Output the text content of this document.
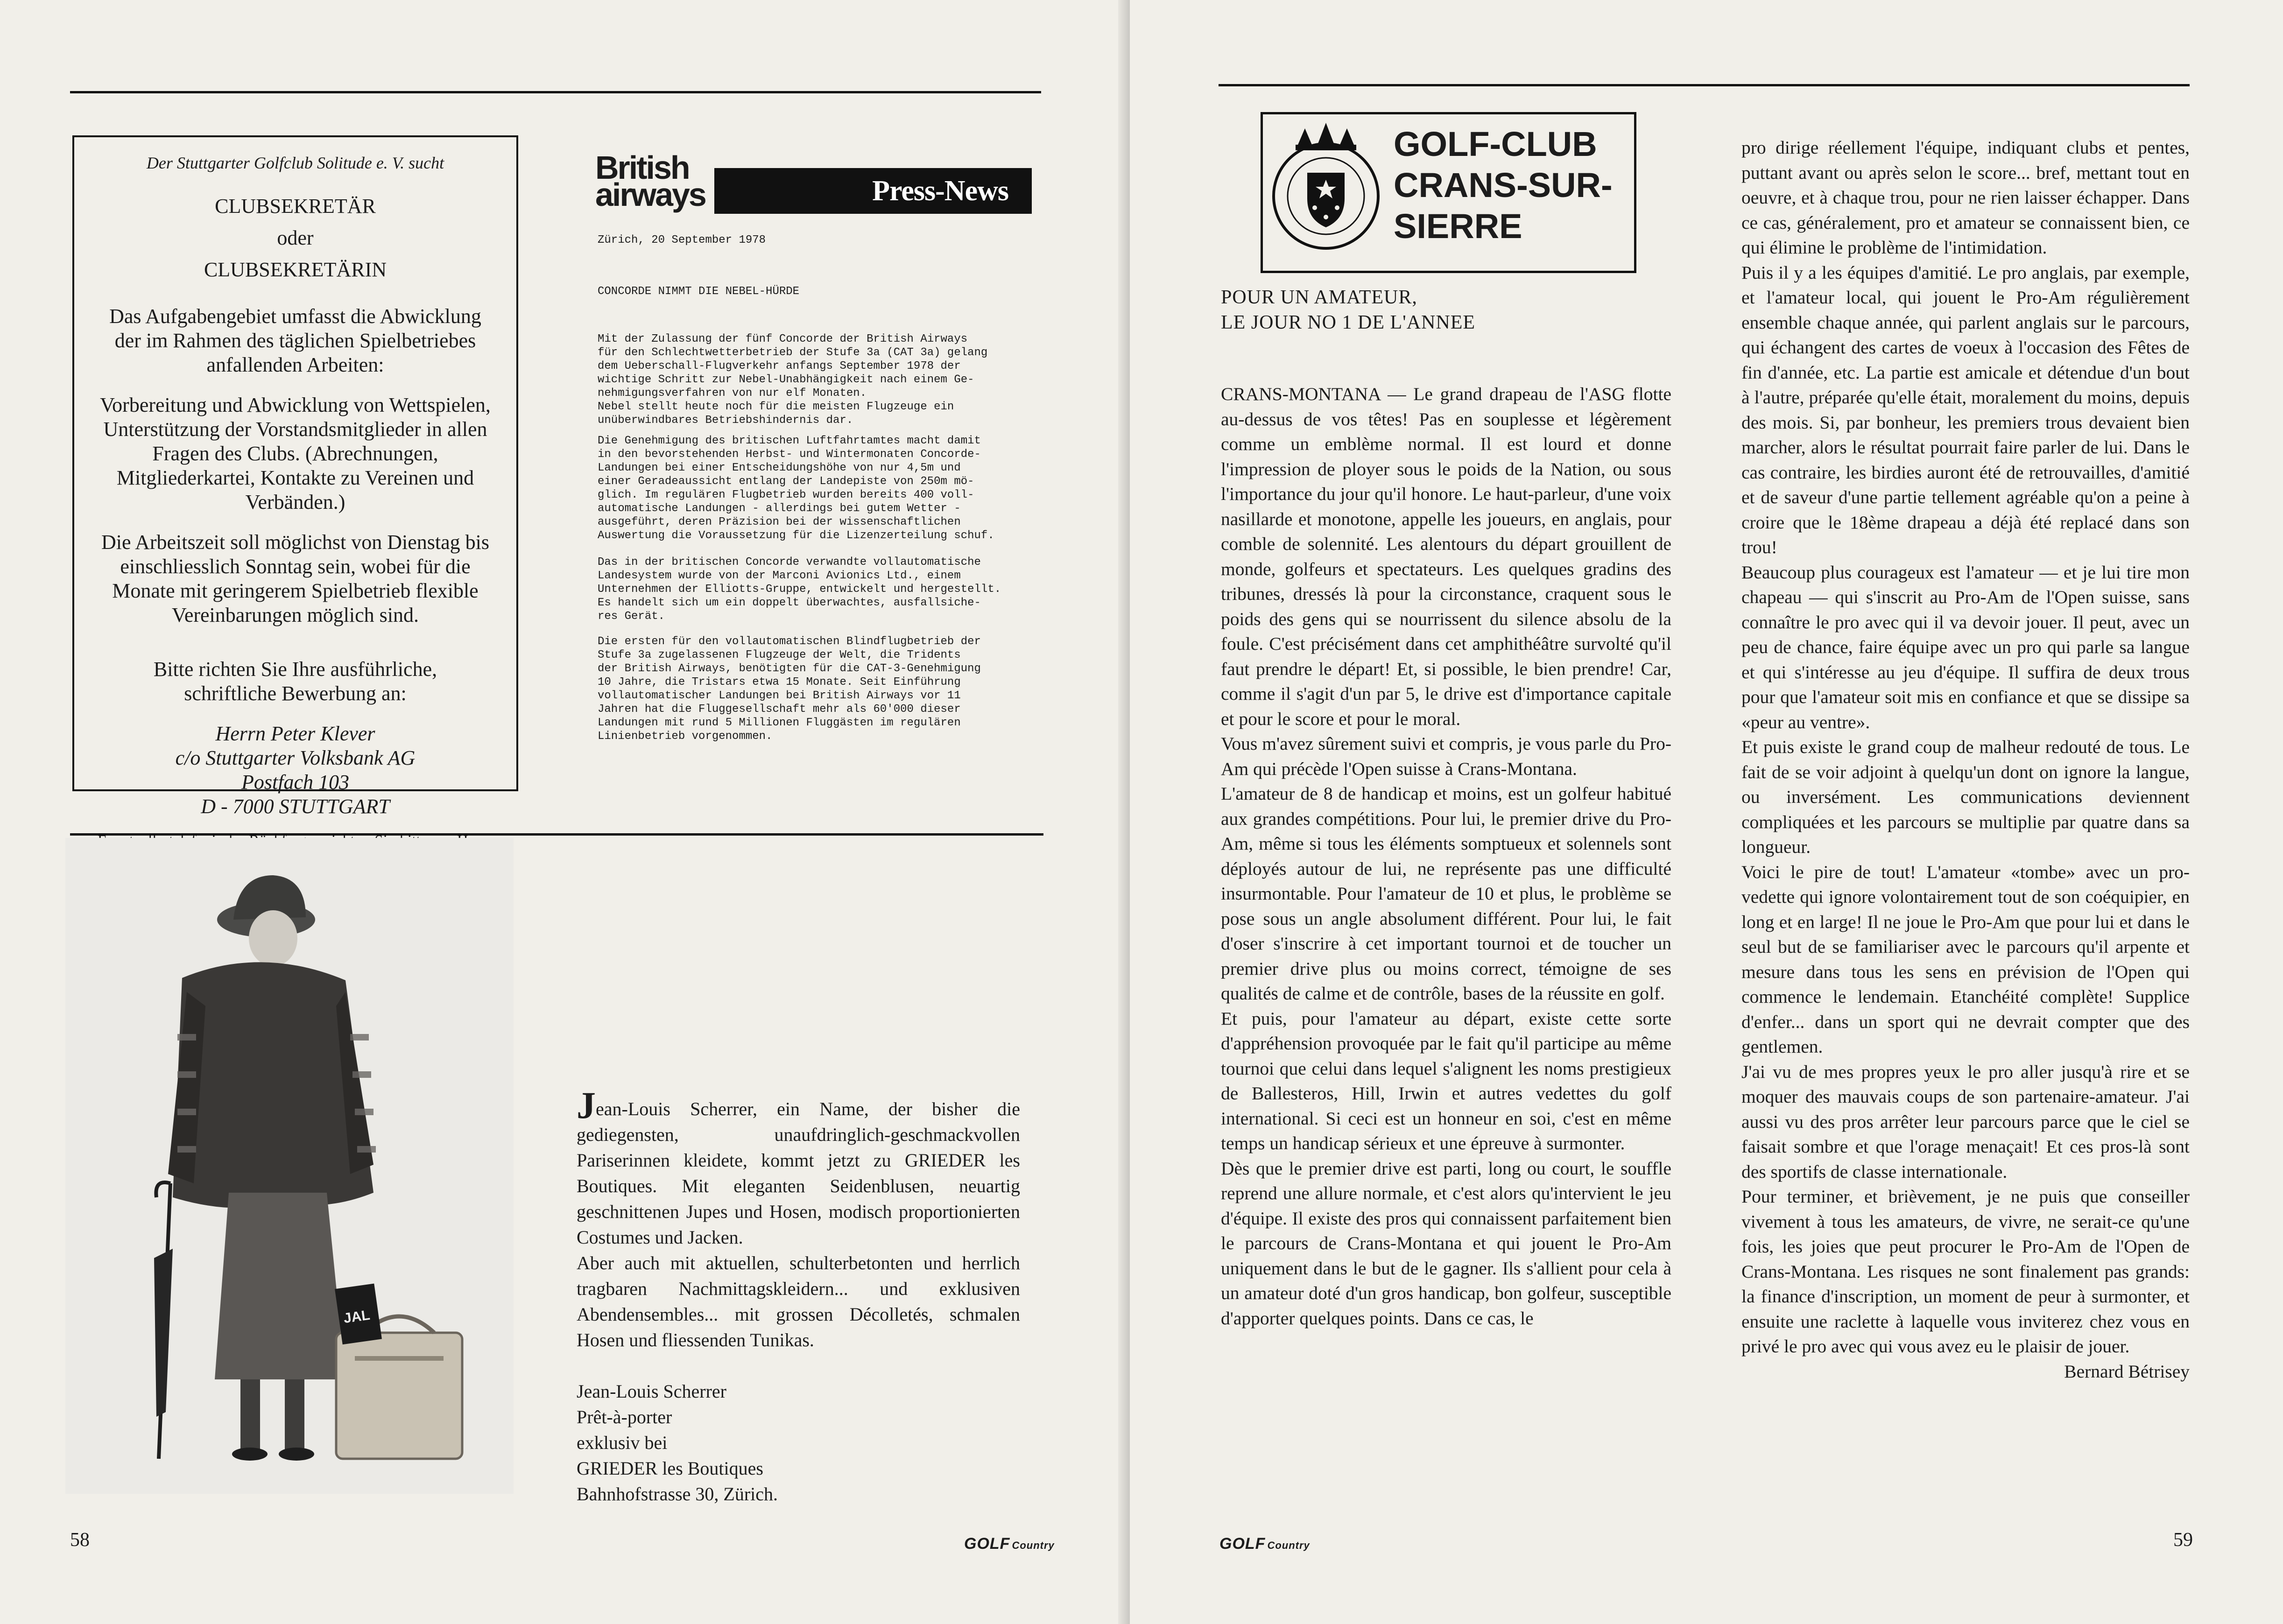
Der Stuttgarter Golfclub Solitude e. V. sucht

CLUBSEKRETÄR

oder

CLUBSEKRETÄRIN

Das Aufgabengebiet umfasst die Abwicklung der im Rahmen des täglichen Spielbetriebes anfallenden Arbeiten:

Vorbereitung und Abwicklung von Wettspielen, Unterstützung der Vorstandsmitglieder in allen Fragen des Clubs. (Abrechnungen, Mitgliederkartei, Kontakte zu Vereinen und Verbänden.)

Die Arbeitszeit soll möglichst von Dienstag bis einschliesslich Sonntag sein, wobei für die Monate mit geringerem Spielbetrieb flexible Vereinbarungen möglich sind.

Bitte richten Sie Ihre ausführliche, schriftliche Bewerbung an:

Herrn Peter Klever

c/o Stuttgarter Volksbank AG

Postfach 103

D - 7000 STUTTGART

British
airways	Press-News
Zürich, 20 September 1978
CONCORDE NIMMT DIE NEBEL-HÜRDE
Mit der Zulassung der fünf Concorde der British Airways
für den Schlechtwetterbetrieb der Stufe 3a (CAT 3a) gelang
dem Ueberschall-Flugverkehr anfangs September 1978 der
wichtige Schritt zur Nebel-Unabhängigkeit nach einem Ge-
nehmigungsverfahren von nur elf Monaten.
Nebel stellt heute noch für die meisten Flugzeuge ein
unüberwindbares Betriebshindernis dar.
Die Genehmigung des britischen Luftfahrtamtes macht damit
in den bevorstehenden Herbst- und Wintermonaten Concorde-
Landungen bei einer Entscheidungshöhe von nur 4,5m und
einer Geradeaussicht entlang der Landepiste von 250m mö-
glich. Im regulären Flugbetrieb wurden bereits 400 voll-
automatische Landungen - allerdings bei gutem Wetter -
ausgeführt, deren Präzision bei der wissenschaftlichen
Auswertung die Voraussetzung für die Lizenzerteilung schuf.
Das in der britischen Concorde verwandte vollautomatische
Landesystem wurde von der Marconi Avionics Ltd., einem
Unternehmen der Elliotts-Gruppe, entwickelt und hergestellt.
Es handelt sich um ein doppelt überwachtes, ausfallsiche-
res Gerät.
Die ersten für den vollautomatischen Blindflugbetrieb der
Stufe 3a zugelassenen Flugzeuge der Welt, die Tridents
der British Airways, benötigten für die CAT-3-Genehmigung
10 Jahre, die Tristars etwa 15 Monate. Seit Einführung
vollautomatischer Landungen bei British Airways vor 11
Jahren hat die Fluggesellschaft mehr als 60'000 dieser
Landungen mit rund 5 Millionen Fluggästen im regulären
Linienbetrieb vorgenommen.
JAL

Jean-Louis Scherrer, ein Name, der bisher die gediegensten, unaufdringlich-geschmackvollen Pariserinnen kleidete, kommt jetzt zu GRIEDER les Boutiques. Mit eleganten Seidenblusen, neuartig geschnittenen Jupes und Hosen, modisch proportionierten Costumes und Jacken.

Aber auch mit aktuellen, schulterbetonten und herrlich tragbaren Nachmittagskleidern... und exklusiven Abendensembles... mit grossen Décolletés, schmalen Hosen und fliessenden Tunikas.

Jean-Louis Scherrer

Prêt-à-porter

exklusiv bei

GRIEDER les Boutiques

Bahnhofstrasse 30, Zürich.

58	GOLF Country
GOLF-CLUB
CRANS-SUR-
SIERRE
POUR UN AMATEUR,
LE JOUR NO 1 DE L'ANNEE

CRANS-MONTANA — Le grand drapeau de l'ASG flotte au-dessus de vos têtes! Pas en souplesse et légèrement comme un emblème normal. Il est lourd et donne l'impression de ployer sous le poids de la Nation, ou sous l'importance du jour qu'il honore. Le haut-parleur, d'une voix nasillarde et monotone, appelle les joueurs, en anglais, pour comble de solennité. Les alentours du départ grouillent de monde, golfeurs et spectateurs. Les quelques gradins des tribunes, dressés là pour la circonstance, craquent sous le poids des gens qui se nourrissent du silence absolu de la foule. C'est précisément dans cet amphithéâtre survolté qu'il faut prendre le départ! Et, si possible, le bien prendre! Car, comme il s'agit d'un par 5, le drive est d'importance capitale et pour le score et pour le moral.

Vous m'avez sûrement suivi et compris, je vous parle du Pro-Am qui précède l'Open suisse à Crans-Montana.

L'amateur de 8 de handicap et moins, est un golfeur habitué aux grandes compétitions. Pour lui, le premier drive du Pro-Am, même si tous les éléments somptueux et solennels sont déployés autour de lui, ne représente pas une difficulté insurmontable. Pour l'amateur de 10 et plus, le problème se pose sous un angle absolument différent. Pour lui, le fait d'oser s'inscrire à cet important tournoi et de toucher un premier drive plus ou moins correct, témoigne de ses qualités de calme et de contrôle, bases de la réussite en golf.

Et puis, pour l'amateur au départ, existe cette sorte d'appréhension provoquée par le fait qu'il participe au même tournoi que celui dans lequel s'alignent les noms prestigieux de Ballesteros, Hill, Irwin et autres vedettes du golf international. Si ceci est un honneur en soi, c'est en même temps un handicap sérieux et une épreuve à surmonter.

Dès que le premier drive est parti, long ou court, le souffle reprend une allure normale, et c'est alors qu'intervient le jeu d'équipe. Il existe des pros qui connaissent parfaitement bien le parcours de Crans-Montana et qui jouent le Pro-Am uniquement dans le but de le gagner. Ils s'allient pour cela à un amateur doté d'un gros handicap, bon golfeur, susceptible d'apporter quelques points. Dans ce cas, le

pro dirige réellement l'équipe, indiquant clubs et pentes, puttant avant ou après selon le score... bref, mettant tout en oeuvre, et à chaque trou, pour ne rien laisser échapper. Dans ce cas, généralement, pro et amateur se connaissent bien, ce qui élimine le problème de l'intimidation.

Puis il y a les équipes d'amitié. Le pro anglais, par exemple, et l'amateur local, qui jouent le Pro-Am régulièrement ensemble chaque année, qui parlent anglais sur le parcours, qui échangent des cartes de voeux à l'occasion des Fêtes de fin d'année, etc. La partie est amicale et détendue d'un bout à l'autre, préparée qu'elle était, moralement du moins, depuis des mois. Si, par bonheur, les premiers trous devaient bien marcher, alors le résultat pourrait faire parler de lui. Dans le cas contraire, les birdies auront été de retrouvailles, d'amitié et de saveur d'une partie tellement agréable qu'on a peine à croire que le 18ème drapeau a déjà été replacé dans son trou!

Beaucoup plus courageux est l'amateur — et je lui tire mon chapeau — qui s'inscrit au Pro-Am de l'Open suisse, sans connaître le pro avec qui il va devoir jouer. Il peut, avec un peu de chance, faire équipe avec un pro qui parle sa langue et qui s'intéresse au jeu d'équipe. Il suffira de deux trous pour que l'amateur soit mis en confiance et que se dissipe sa «peur au ventre».

Et puis existe le grand coup de malheur redouté de tous. Le fait de se voir adjoint à quelqu'un dont on ignore la langue, ou inversément. Les communications deviennent compliquées et les parcours se multiplie par quatre dans sa longueur.

Voici le pire de tout! L'amateur «tombe» avec un pro-vedette qui ignore volontairement tout de son coéquipier, en long et en large! Il ne joue le Pro-Am que pour lui et dans le seul but de se familiariser avec le parcours qu'il arpente et mesure dans tous les sens en prévision de l'Open qui commence le lendemain. Etanchéité complète! Supplice d'enfer... dans un sport qui ne devrait compter que des gentlemen.

J'ai vu de mes propres yeux le pro aller jusqu'à rire et se moquer des mauvais coups de son partenaire-amateur. J'ai aussi vu des pros arrêter leur parcours parce que le ciel se faisait sombre et que l'orage menaçait! Et ces pros-là sont des sportifs de classe internationale.

Pour terminer, et brièvement, je ne puis que conseiller vivement à tous les amateurs, de vivre, ne serait-ce qu'une fois, les joies que peut procurer le Pro-Am de l'Open de Crans-Montana. Les risques ne sont finalement pas grands: la finance d'inscription, un moment de peur à surmonter, et ensuite une raclette à laquelle vous inviterez chez vous en privé le pro avec qui vous avez eu le plaisir de jouer.

Bernard Bétrisey

GOLF Country	59
